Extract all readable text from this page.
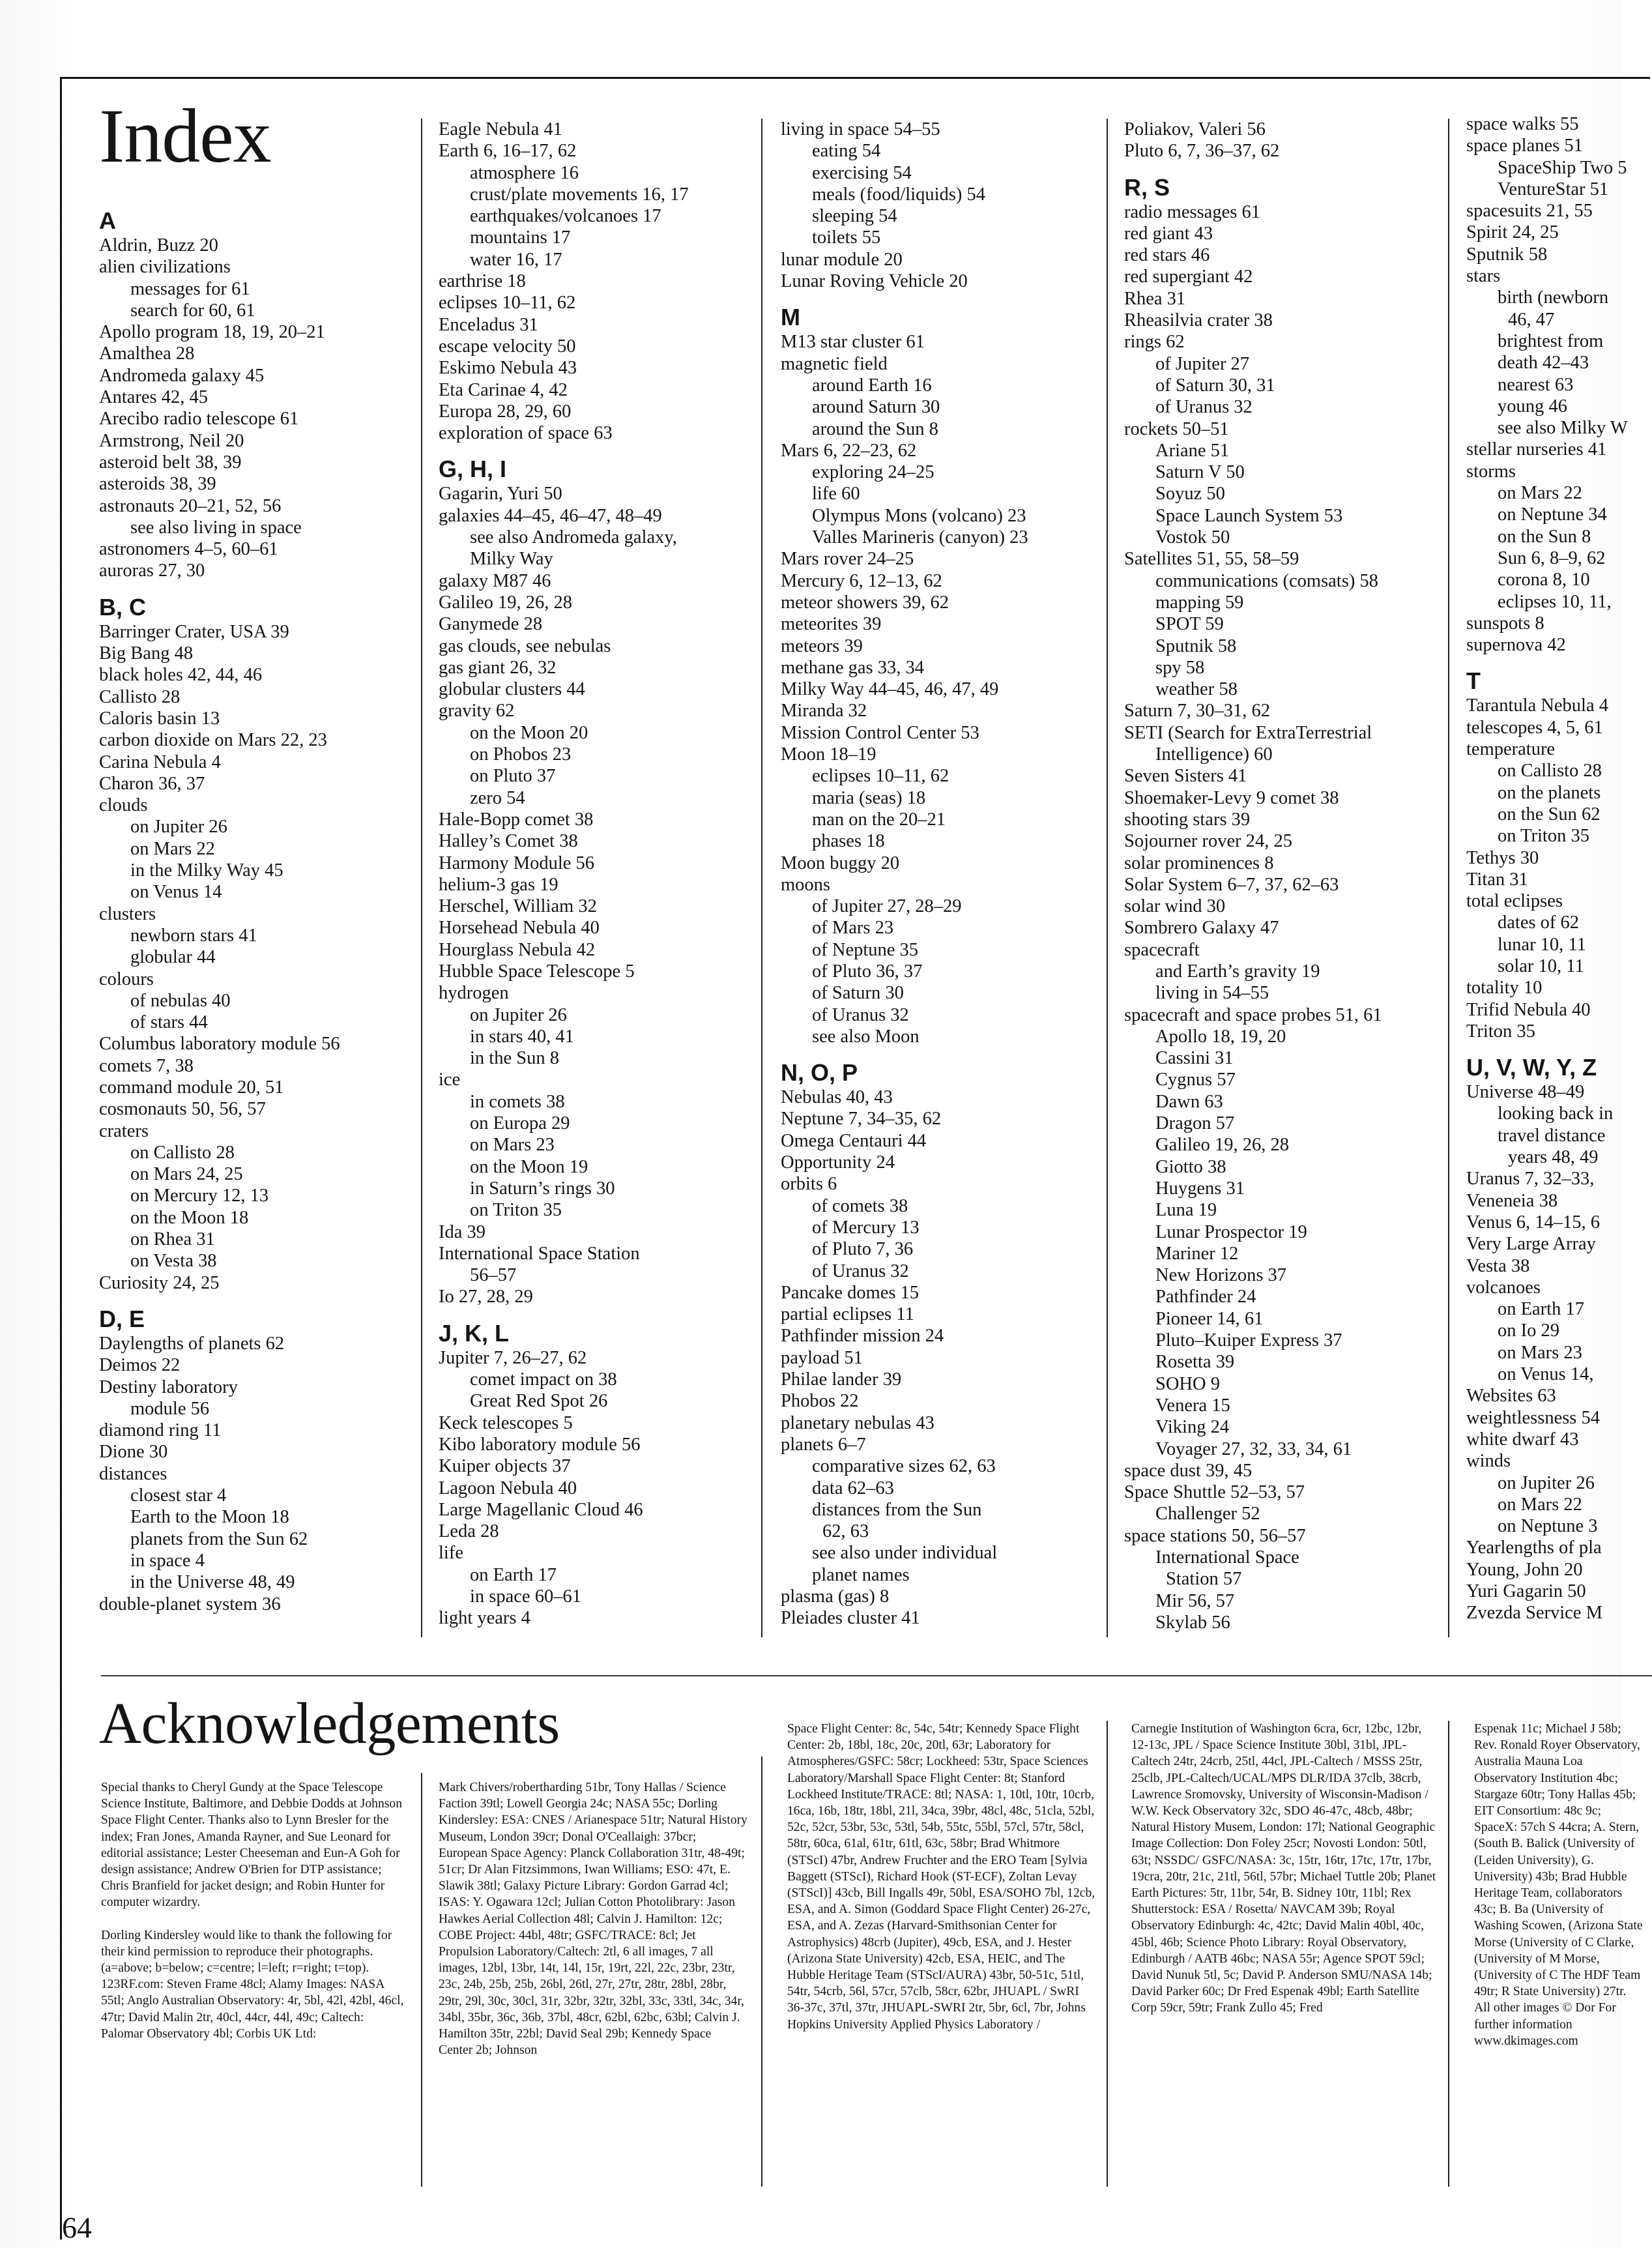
Index
A
Aldrin, Buzz 20
alien civilizations
messages for 61
search for 60, 61
Apollo program 18, 19, 20–21
Amalthea 28
Andromeda galaxy 45
Antares 42, 45
Arecibo radio telescope 61
Armstrong, Neil 20
asteroid belt 38, 39
asteroids 38, 39
astronauts 20–21, 52, 56
see also living in space
astronomers 4–5, 60–61
auroras 27, 30
B, C
Barringer Crater, USA 39
Big Bang 48
black holes 42, 44, 46
Callisto 28
Caloris basin 13
carbon dioxide on Mars 22, 23
Carina Nebula 4
Charon 36, 37
clouds
on Jupiter 26
on Mars 22
in the Milky Way 45
on Venus 14
clusters
newborn stars 41
globular 44
colours
of nebulas 40
of stars 44
Columbus laboratory module 56
comets 7, 38
command module 20, 51
cosmonauts 50, 56, 57
craters
on Callisto 28
on Mars 24, 25
on Mercury 12, 13
on the Moon 18
on Rhea 31
on Vesta 38
Curiosity 24, 25
D, E
Daylengths of planets 62
Deimos 22
Destiny laboratory
module 56
diamond ring 11
Dione 30
distances
closest star 4
Earth to the Moon 18
planets from the Sun 62
in space 4
in the Universe 48, 49
double-planet system 36
Eagle Nebula 41
Earth 6, 16–17, 62
atmosphere 16
crust/plate movements 16, 17
earthquakes/volcanoes 17
mountains 17
water 16, 17
earthrise 18
eclipses 10–11, 62
Enceladus 31
escape velocity 50
Eskimo Nebula 43
Eta Carinae 4, 42
Europa 28, 29, 60
exploration of space 63
G, H, I
Gagarin, Yuri 50
galaxies 44–45, 46–47, 48–49
see also Andromeda galaxy,
Milky Way
galaxy M87 46
Galileo 19, 26, 28
Ganymede 28
gas clouds, see nebulas
gas giant 26, 32
globular clusters 44
gravity 62
on the Moon 20
on Phobos 23
on Pluto 37
zero 54
Hale-Bopp comet 38
Halley’s Comet 38
Harmony Module 56
helium-3 gas 19
Herschel, William 32
Horsehead Nebula 40
Hourglass Nebula 42
Hubble Space Telescope 5
hydrogen
on Jupiter 26
in stars 40, 41
in the Sun 8
ice
in comets 38
on Europa 29
on Mars 23
on the Moon 19
in Saturn’s rings 30
on Triton 35
Ida 39
International Space Station
56–57
Io 27, 28, 29
J, K, L
Jupiter 7, 26–27, 62
comet impact on 38
Great Red Spot 26
Keck telescopes 5
Kibo laboratory module 56
Kuiper objects 37
Lagoon Nebula 40
Large Magellanic Cloud 46
Leda 28
life
on Earth 17
in space 60–61
light years 4
living in space 54–55
eating 54
exercising 54
meals (food/liquids) 54
sleeping 54
toilets 55
lunar module 20
Lunar Roving Vehicle 20
M
M13 star cluster 61
magnetic field
around Earth 16
around Saturn 30
around the Sun 8
Mars 6, 22–23, 62
exploring 24–25
life 60
Olympus Mons (volcano) 23
Valles Marineris (canyon) 23
Mars rover 24–25
Mercury 6, 12–13, 62
meteor showers 39, 62
meteorites 39
meteors 39
methane gas 33, 34
Milky Way 44–45, 46, 47, 49
Miranda 32
Mission Control Center 53
Moon 18–19
eclipses 10–11, 62
maria (seas) 18
man on the 20–21
phases 18
Moon buggy 20
moons
of Jupiter 27, 28–29
of Mars 23
of Neptune 35
of Pluto 36, 37
of Saturn 30
of Uranus 32
see also Moon
N, O, P
Nebulas 40, 43
Neptune 7, 34–35, 62
Omega Centauri 44
Opportunity 24
orbits 6
of comets 38
of Mercury 13
of Pluto 7, 36
of Uranus 32
Pancake domes 15
partial eclipses 11
Pathfinder mission 24
payload 51
Philae lander 39
Phobos 22
planetary nebulas 43
planets 6–7
comparative sizes 62, 63
data 62–63
distances from the Sun
62, 63
see also under individual
planet names
plasma (gas) 8
Pleiades cluster 41
Poliakov, Valeri 56
Pluto 6, 7, 36–37, 62
R, S
radio messages 61
red giant 43
red stars 46
red supergiant 42
Rhea 31
Rheasilvia crater 38
rings 62
of Jupiter 27
of Saturn 30, 31
of Uranus 32
rockets 50–51
Ariane 51
Saturn V 50
Soyuz 50
Space Launch System 53
Vostok 50
Satellites 51, 55, 58–59
communications (comsats) 58
mapping 59
SPOT 59
Sputnik 58
spy 58
weather 58
Saturn 7, 30–31, 62
SETI (Search for ExtraTerrestrial
Intelligence) 60
Seven Sisters 41
Shoemaker-Levy 9 comet 38
shooting stars 39
Sojourner rover 24, 25
solar prominences 8
Solar System 6–7, 37, 62–63
solar wind 30
Sombrero Galaxy 47
spacecraft
and Earth’s gravity 19
living in 54–55
spacecraft and space probes 51, 61
Apollo 18, 19, 20
Cassini 31
Cygnus 57
Dawn 63
Dragon 57
Galileo 19, 26, 28
Giotto 38
Huygens 31
Luna 19
Lunar Prospector 19
Mariner 12
New Horizons 37
Pathfinder 24
Pioneer 14, 61
Pluto–Kuiper Express 37
Rosetta 39
SOHO 9
Venera 15
Viking 24
Voyager 27, 32, 33, 34, 61
space dust 39, 45
Space Shuttle 52–53, 57
Challenger 52
space stations 50, 56–57
International Space
Station 57
Mir 56, 57
Skylab 56
space walks 55
space planes 51
SpaceShip Two 5
VentureStar 51
spacesuits 21, 55
Spirit 24, 25
Sputnik 58
stars
birth (newborn
46, 47
brightest from
death 42–43
nearest 63
young 46
see also Milky W
stellar nurseries 41
storms
on Mars 22
on Neptune 34
on the Sun 8
Sun 6, 8–9, 62
corona 8, 10
eclipses 10, 11,
sunspots 8
supernova 42
T
Tarantula Nebula 4
telescopes 4, 5, 61
temperature
on Callisto 28
on the planets
on the Sun 62
on Triton 35
Tethys 30
Titan 31
total eclipses
dates of 62
lunar 10, 11
solar 10, 11
totality 10
Trifid Nebula 40
Triton 35
U, V, W, Y, Z
Universe 48–49
looking back in
travel distance
years 48, 49
Uranus 7, 32–33,
Veneneia 38
Venus 6, 14–15, 6
Very Large Array
Vesta 38
volcanoes
on Earth 17
on Io 29
on Mars 23
on Venus 14,
Websites 63
weightlessness 54
white dwarf 43
winds
on Jupiter 26
on Mars 22
on Neptune 3
Yearlengths of pla
Young, John 20
Yuri Gagarin 50
Zvezda Service M
Acknowledgements

Special thanks to Cheryl Gundy at the Space Telescope Science Institute, Baltimore, and Debbie Dodds at Johnson Space Flight Center. Thanks also to Lynn Bresler for the index; Fran Jones, Amanda Rayner, and Sue Leonard for editorial assistance; Lester Cheeseman and Eun-A Goh for design assistance; Andrew O'Brien for DTP assistance; Chris Branfield for jacket design; and Robin Hunter for computer wizardry.

Dorling Kindersley would like to thank the following for their kind permission to reproduce their photographs. (a=above; b=below; c=centre; l=left; r=right; t=top). 123RF.com: Steven Frame 48cl; Alamy Images: NASA 55tl; Anglo Australian Observatory: 4r, 5bl, 42l, 42bl, 46cl, 47tr; David Malin 2tr, 40cl, 44cr, 44l, 49c; Caltech: Palomar Observatory 4bl; Corbis UK Ltd:

Mark Chivers/robertharding 51br, Tony Hallas / Science Faction 39tl; Lowell Georgia 24c; NASA 55c; Dorling Kindersley: ESA: CNES / Arianespace 51tr; Natural History Museum, London 39cr; Donal O'Ceallaigh: 37bcr; European Space Agency: Planck Collaboration 31tr, 48-49t; 51cr; Dr Alan Fitzsimmons, Iwan Williams; ESO: 47t, E. Slawik 38tl; Galaxy Picture Library: Gordon Garrad 4cl; ISAS: Y. Ogawara 12cl; Julian Cotton Photolibrary: Jason Hawkes Aerial Collection 48l; Calvin J. Hamilton: 12c; COBE Project: 44bl, 48tr; GSFC/TRACE: 8cl; Jet Propulsion Laboratory/Caltech: 2tl, 6 all images, 7 all images, 12bl, 13br, 14t, 14l, 15r, 19rt, 22l, 22c, 23br, 23tr, 23c, 24b, 25b, 25b, 26bl, 26tl, 27r, 27tr, 28tr, 28bl, 28br, 29tr, 29l, 30c, 30cl, 31r, 32br, 32tr, 32bl, 33c, 33tl, 34c, 34r, 34bl, 35br, 36c, 36b, 37bl, 48cr, 62bl, 62bc, 63bl; Calvin J. Hamilton 35tr, 22bl; David Seal 29b; Kennedy Space Center 2b; Johnson

Space Flight Center: 8c, 54c, 54tr; Kennedy Space Flight Center: 2b, 18bl, 18c, 20c, 20tl, 63r; Laboratory for Atmospheres/GSFC: 58cr; Lockheed: 53tr, Space Sciences Laboratory/Marshall Space Flight Center: 8t; Stanford Lockheed Institute/TRACE: 8tl; NASA: 1, 10tl, 10tr, 10crb, 16ca, 16b, 18tr, 18bl, 21l, 34ca, 39br, 48cl, 48c, 51cla, 52bl, 52c, 52cr, 53br, 53c, 53tl, 54b, 55tc, 55bl, 57cl, 57tr, 58cl, 58tr, 60ca, 61al, 61tr, 61tl, 63c, 58br; Brad Whitmore (STScI) 47br, Andrew Fruchter and the ERO Team [Sylvia Baggett (STScI), Richard Hook (ST-ECF), Zoltan Levay (STScI)] 43cb, Bill Ingalls 49r, 50bl, ESA/SOHO 7bl, 12cb, ESA, and A. Simon (Goddard Space Flight Center) 26-27c, ESA, and A. Zezas (Harvard-Smithsonian Center for Astrophysics) 48crb (Jupiter), 49cb, ESA, and J. Hester (Arizona State University) 42cb, ESA, HEIC, and The Hubble Heritage Team (STScI/AURA) 43br, 50-51c, 51tl, 54tr, 54crb, 56l, 57cr, 57clb, 58cr, 62br, JHUAPL / SwRI 36-37c, 37tl, 37tr, JHUAPL-SWRI 2tr, 5br, 6cl, 7br, Johns Hopkins University Applied Physics Laboratory /

Carnegie Institution of Washington 6cra, 6cr, 12bc, 12br, 12-13c, JPL / Space Science Institute 30bl, 31bl, JPL-Caltech 24tr, 24crb, 25tl, 44cl, JPL-Caltech / MSSS 25tr, 25clb, JPL-Caltech/UCAL/MPS DLR/IDA 37clb, 38crb, Lawrence Sromovsky, University of Wisconsin-Madison / W.W. Keck Observatory 32c, SDO 46-47c, 48cb, 48br; Natural History Musem, London: 17l; National Geographic Image Collection: Don Foley 25cr; Novosti London: 50tl, 63t; NSSDC/ GSFC/NASA: 3c, 15tr, 16tr, 17tc, 17tr, 17br, 19cra, 20tr, 21c, 21tl, 56tl, 57br; Michael Tuttle 20b; Planet Earth Pictures: 5tr, 11br, 54r, B. Sidney 10tr, 11bl; Rex Shutterstock: ESA / Rosetta/ NAVCAM 39b; Royal Observatory Edinburgh: 4c, 42tc; David Malin 40bl, 40c, 45bl, 46b; Science Photo Library: Royal Observatory, Edinburgh / AATB 46bc; NASA 55r; Agence SPOT 59cl; David Nunuk 5tl, 5c; David P. Anderson SMU/NASA 14b; David Parker 60c; Dr Fred Espenak 49bl; Earth Satellite Corp 59cr, 59tr; Frank Zullo 45; Fred

Espenak 11c; Michael J 58b; Rev. Ronald Royer Observatory, Australia Mauna Loa Observatory Institution 4bc; Stargaze 60tr; Tony Hallas 45b; EIT Consortium: 48c 9c; SpaceX: 57ch S 44cra; A. Stern, (South B. Balick (University of (Leiden University), G. University) 43b; Brad Hubble Heritage Team, collaborators 43c; B. Ba (University of Washing Scowen, (Arizona State Morse (University of C Clarke, (University of M Morse, (University of C The HDF Team 49tr; R State University) 27tr. All other images © Dor For further information www.dkimages.com

64
